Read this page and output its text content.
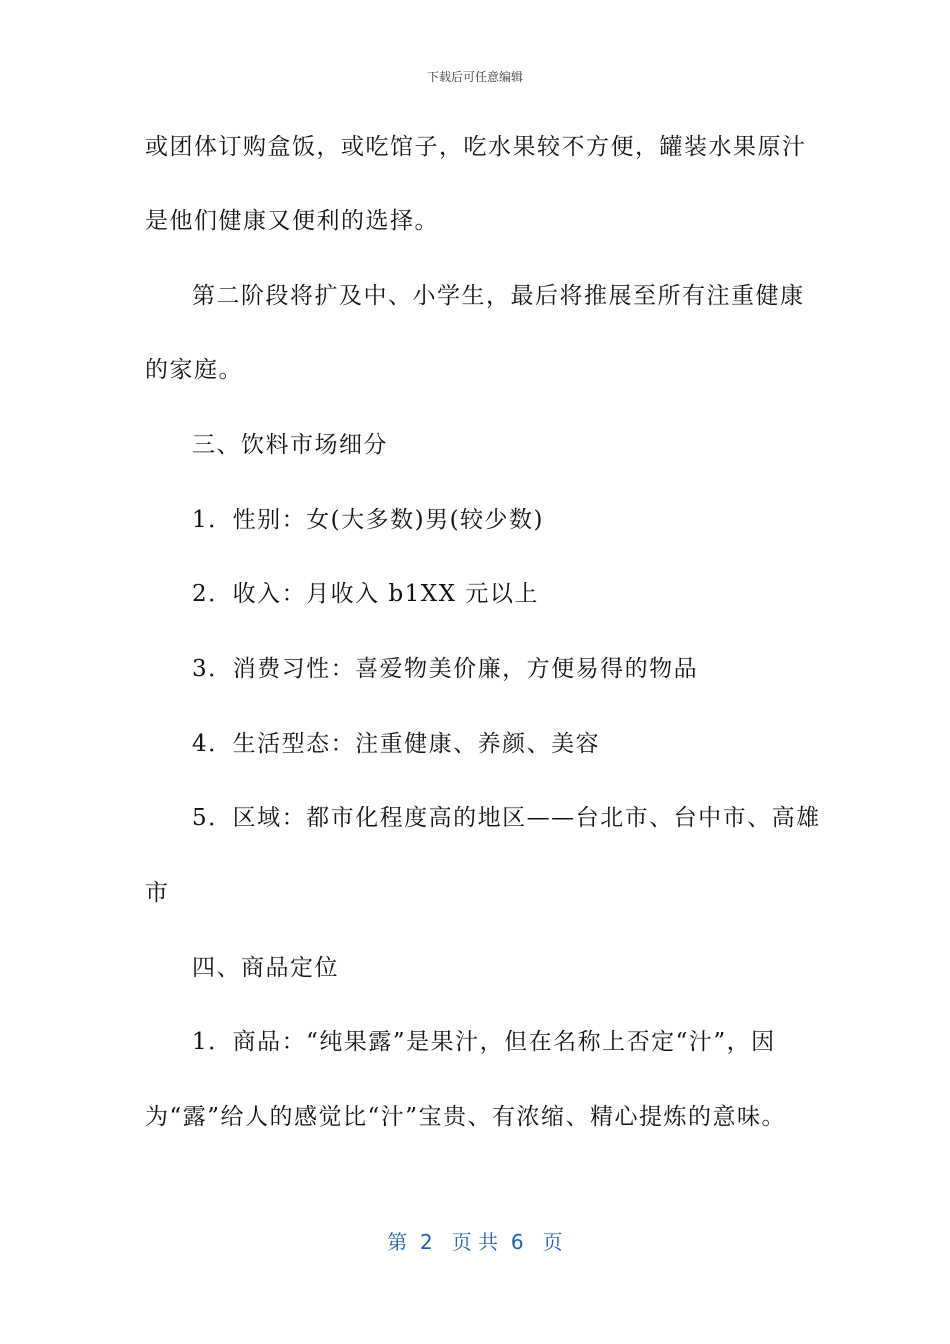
下载后可任意编辑
或团体订购盒饭，或吃馆子，吃水果较不方便，罐装水果原汁
是他们健康又便利的选择。
第二阶段将扩及中、小学生，最后将推展至所有注重健康
的家庭。
三、饮料市场细分
1．性别：女(大多数)男(较少数)
2．收入：月收入 b1XX 元以上
3．消费习性：喜爱物美价廉，方便易得的物品
4．生活型态：注重健康、养颜、美容
5．区域：都市化程度高的地区——台北市、台中市、高雄
市
四、商品定位
1．商品：“纯果露”是果汁，但在名称上否定“汁”，因
为“露”给人的感觉比“汁”宝贵、有浓缩、精心提炼的意味。
第  2   页 共  6   页
